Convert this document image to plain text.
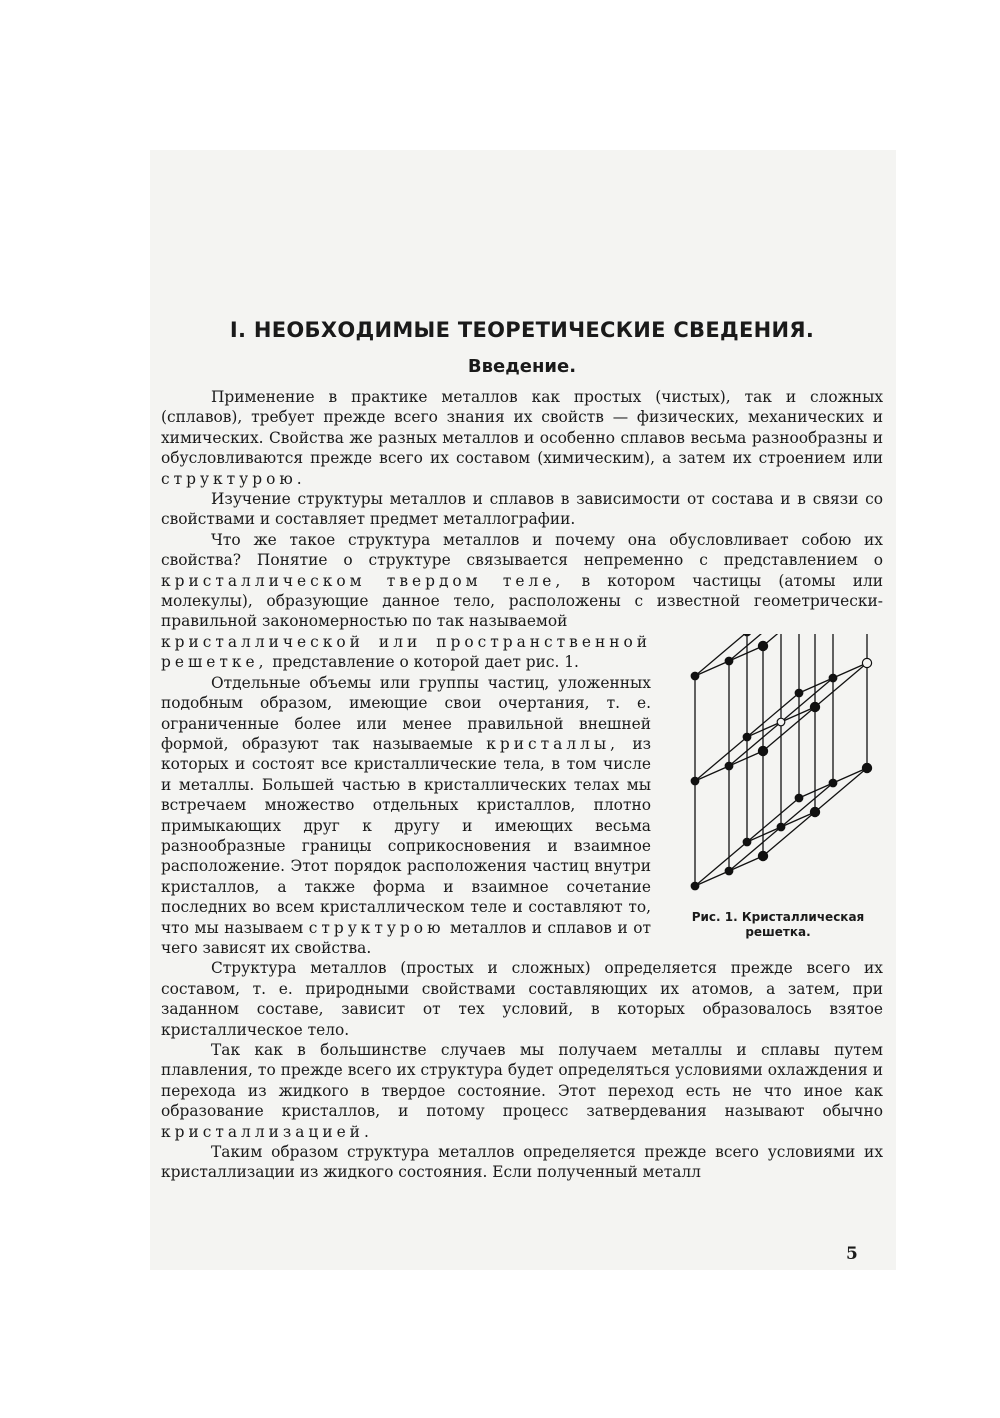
I. НЕОБХОДИМЫЕ ТЕОРЕТИЧЕСКИЕ СВЕДЕНИЯ.
Введение.

Применение в практике металлов как простых (чистых), так и сложных (сплавов), требует прежде всего знания их свойств — физических, механических и химических. Свойства же разных металлов и особенно сплавов весьма разнообразны и обусловливаются прежде всего их составом (химическим), а затем их строением или структурою.

Изучение структуры металлов и сплавов в зависимости от состава и в связи со свойствами и составляет предмет металлографии.

Что же такое структура металлов и почему она обусловливает собою их свойства? Понятие о структуре связывается непременно с представлением о кристаллическом твердом теле, в котором частицы (атомы или молекулы), образующие данное тело, расположены с известной геометрически-правильной закономерностью по так называемой

Рис. 1. Кристаллическая
решетка.
кристаллической или пространственной решетке, представление о которой дает рис. 1.

Отдельные объемы или группы частиц, уложенных подобным образом, имеющие свои очертания, т. е. ограниченные более или менее правильной внешней формой, образуют так называемые кристаллы, из которых и состоят все кристаллические тела, в том числе и металлы. Большей частью в кристаллических телах мы встречаем множество отдельных кристаллов, плотно примыкающих друг к другу и имеющих весьма разнообразные границы соприкосновения и взаимное расположение. Этот порядок расположения частиц внутри кристаллов, а также форма и взаимное сочетание последних во всем кристаллическом теле и составляют то, что мы называем структурою металлов и сплавов и от чего зависят их свойства.

Структура металлов (простых и сложных) определяется прежде всего их составом, т. е. природными свойствами составляющих их атомов, а затем, при заданном составе, зависит от тех условий, в которых образовалось взятое кристаллическое тело.

Так как в большинстве случаев мы получаем металлы и сплавы путем плавления, то прежде всего их структура будет определяться условиями охлаждения и перехода из жидкого в твердое состояние. Этот переход есть не что иное как образование кристаллов, и потому процесс затвердевания называют обычно кристаллизацией.

Таким образом структура металлов определяется прежде всего условиями их кристаллизации из жидкого состояния. Если полученный металл

5
